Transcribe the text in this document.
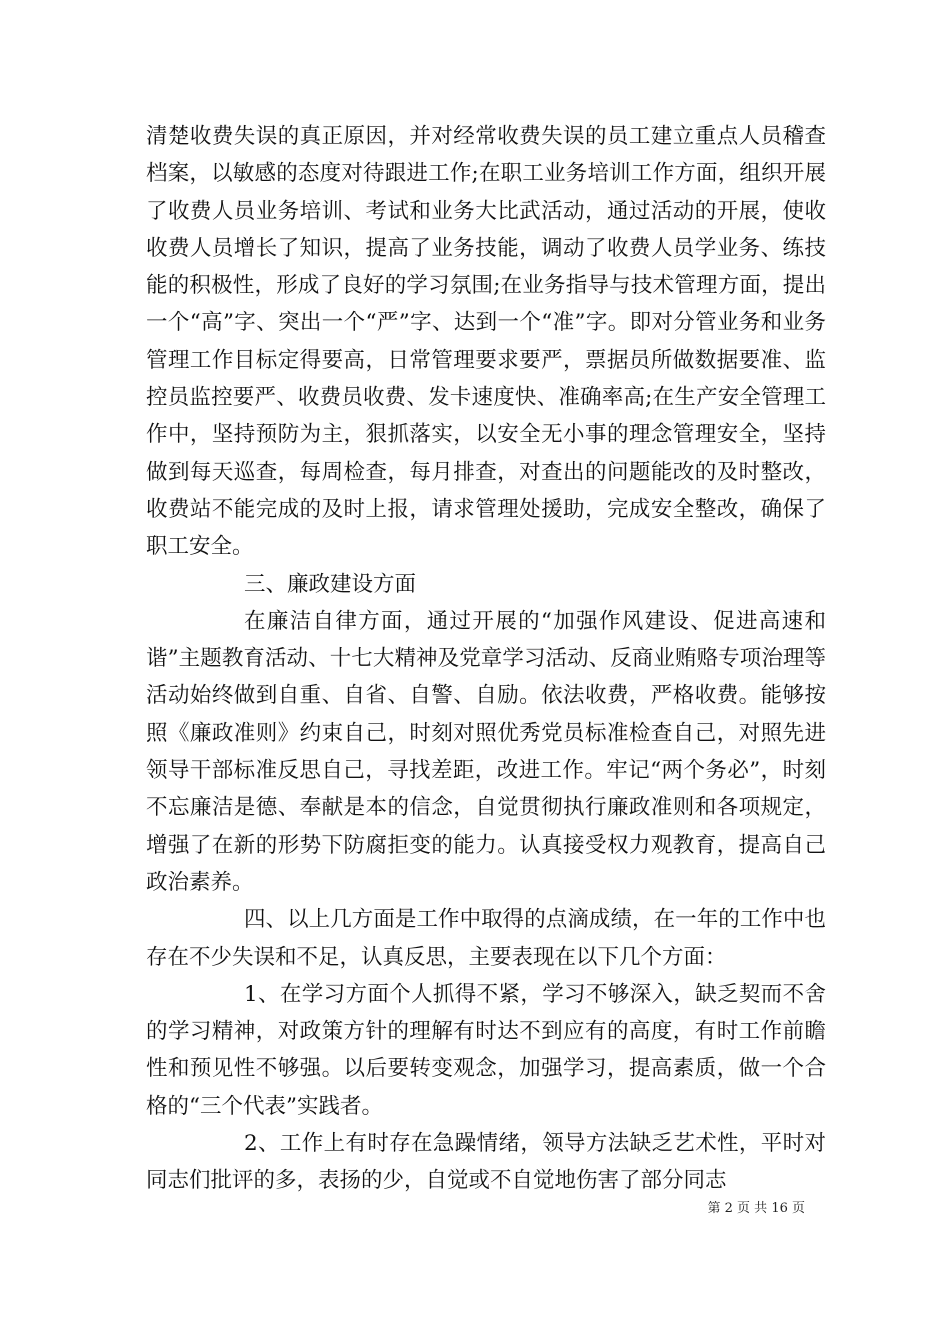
清楚收费失误的真正原因，并对经常收费失误的员工建立重点人员稽查档案，以敏感的态度对待跟进工作;在职工业务培训工作方面，组织开展了收费人员业务培训、考试和业务大比武活动，通过活动的开展，使收收费人员增长了知识，提高了业务技能，调动了收费人员学业务、练技能的积极性，形成了良好的学习氛围;在业务指导与技术管理方面，提出一个“高”字、突出一个“严”字、达到一个“准”字。即对分管业务和业务管理工作目标定得要高，日常管理要求要严，票据员所做数据要准、监控员监控要严、收费员收费、发卡速度快、准确率高;在生产安全管理工作中，坚持预防为主，狠抓落实，以安全无小事的理念管理安全，坚持做到每天巡查，每周检查，每月排查，对查出的问题能改的及时整改，收费站不能完成的及时上报，请求管理处援助，完成安全整改，确保了职工安全。

三、廉政建设方面

在廉洁自律方面，通过开展的“加强作风建设、促进高速和谐”主题教育活动、十七大精神及党章学习活动、反商业贿赂专项治理等活动始终做到自重、自省、自警、自励。依法收费，严格收费。能够按照《廉政准则》约束自己，时刻对照优秀党员标准检查自己，对照先进领导干部标准反思自己，寻找差距，改进工作。牢记“两个务必”，时刻不忘廉洁是德、奉献是本的信念，自觉贯彻执行廉政准则和各项规定，增强了在新的形势下防腐拒变的能力。认真接受权力观教育，提高自己政治素养。

四、以上几方面是工作中取得的点滴成绩，在一年的工作中也存在不少失误和不足，认真反思，主要表现在以下几个方面：

1、在学习方面个人抓得不紧，学习不够深入，缺乏契而不舍的学习精神，对政策方针的理解有时达不到应有的高度，有时工作前瞻性和预见性不够强。以后要转变观念，加强学习，提高素质，做一个合格的“三个代表”实践者。

2、工作上有时存在急躁情绪，领导方法缺乏艺术性，平时对同志们批评的多，表扬的少，自觉或不自觉地伤害了部分同志

第 2 页 共 16 页
